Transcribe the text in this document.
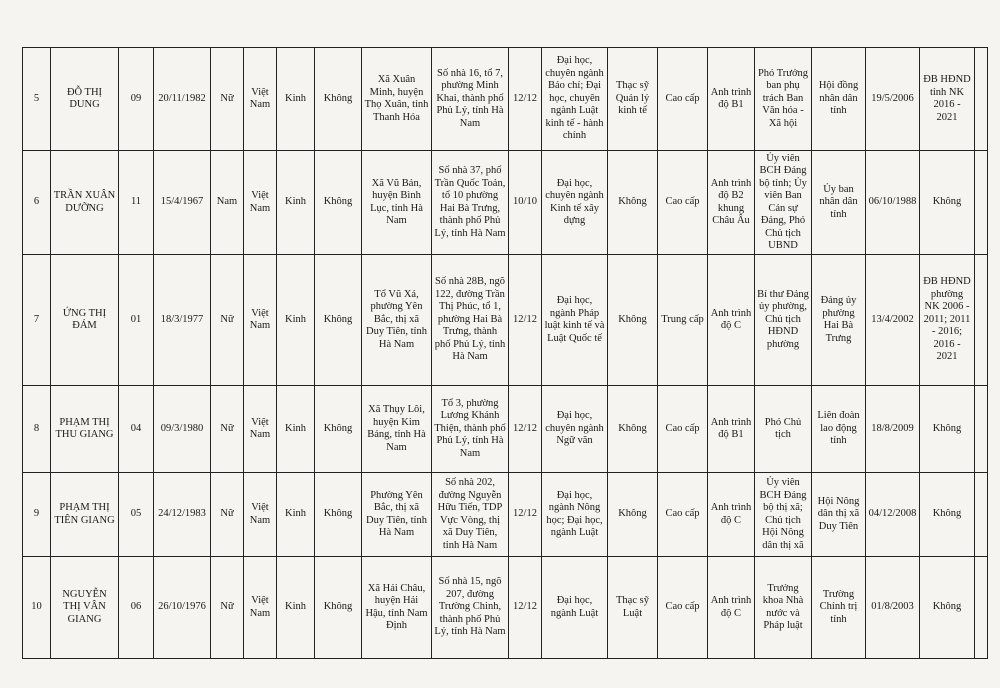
5	ĐỖ THỊ DUNG	09	20/11/1982	Nữ	Việt Nam	Kinh	Không	Xã Xuân Minh, huyện Thọ Xuân, tỉnh Thanh Hóa	Số nhà 16, tổ 7, phường Minh Khai, thành phố Phủ Lý, tỉnh Hà Nam	12/12	Đại học, chuyên ngành Báo chí; Đại học, chuyên ngành Luật kinh tế - hành chính	Thạc sỹ Quản lý kinh tế	Cao cấp	Anh trình độ B1	Phó Trưởng ban phụ trách Ban Văn hóa - Xã hội	Hội đồng nhân dân tỉnh	19/5/2006	ĐB HĐND tỉnh NK 2016 - 2021	
6	TRẦN XUÂN DƯỠNG	11	15/4/1967	Nam	Việt Nam	Kinh	Không	Xã Vũ Bản, huyện Bình Lục, tỉnh Hà Nam	Số nhà 37, phố Trần Quốc Toản, tổ 10 phường Hai Bà Trưng, thành phố Phủ Lý, tỉnh Hà Nam	10/10	Đại học, chuyên ngành Kinh tế xây dựng	Không	Cao cấp	Anh trình độ B2 khung Châu Âu	Ủy viên BCH Đảng bộ tỉnh; Ủy viên Ban Cán sự Đảng, Phó Chủ tịch UBND	Ủy ban nhân dân tỉnh	06/10/1988	Không	
7	ỨNG THỊ ĐÁM	01	18/3/1977	Nữ	Việt Nam	Kinh	Không	Tổ Vũ Xá, phường Yên Bắc, thị xã Duy Tiên, tỉnh Hà Nam	Số nhà 28B, ngõ 122, đường Trần Thị Phúc, tổ 1, phường Hai Bà Trưng, thành phố Phủ Lý, tỉnh Hà Nam	12/12	Đại học, ngành Pháp luật kinh tế và Luật Quốc tế	Không	Trung cấp	Anh trình độ C	Bí thư Đảng ủy phường, Chủ tịch HĐND phường	Đảng ủy phường Hai Bà Trưng	13/4/2002	ĐB HĐND phường NK 2006 - 2011; 2011 - 2016; 2016 - 2021	
8	PHẠM THỊ THU GIANG	04	09/3/1980	Nữ	Việt Nam	Kinh	Không	Xã Thụy Lôi, huyện Kim Bảng, tỉnh Hà Nam	Tổ 3, phường Lương Khánh Thiện, thành phố Phủ Lý, tỉnh Hà Nam	12/12	Đại học, chuyên ngành Ngữ văn	Không	Cao cấp	Anh trình độ B1	Phó Chủ tịch	Liên đoàn lao động tỉnh	18/8/2009	Không	
9	PHẠM THỊ TIÊN GIANG	05	24/12/1983	Nữ	Việt Nam	Kinh	Không	Phường Yên Bắc, thị xã Duy Tiên, tỉnh Hà Nam	Số nhà 202, đường Nguyễn Hữu Tiến, TDP Vực Vòng, thị xã Duy Tiên, tỉnh Hà Nam	12/12	Đại học, ngành Nông học; Đại học, ngành Luật	Không	Cao cấp	Anh trình độ C	Ủy viên BCH Đảng bộ thị xã; Chủ tịch Hội Nông dân thị xã	Hội Nông dân thị xã Duy Tiên	04/12/2008	Không	
10	NGUYỄN THỊ VÂN GIANG	06	26/10/1976	Nữ	Việt Nam	Kinh	Không	Xã Hải Châu, huyện Hải Hậu, tỉnh Nam Định	Số nhà 15, ngõ 207, đường Trường Chinh, thành phố Phủ Lý, tỉnh Hà Nam	12/12	Đại học, ngành Luật	Thạc sỹ Luật	Cao cấp	Anh trình độ C	Trưởng khoa Nhà nước và Pháp luật	Trường Chính trị tỉnh	01/8/2003	Không	
